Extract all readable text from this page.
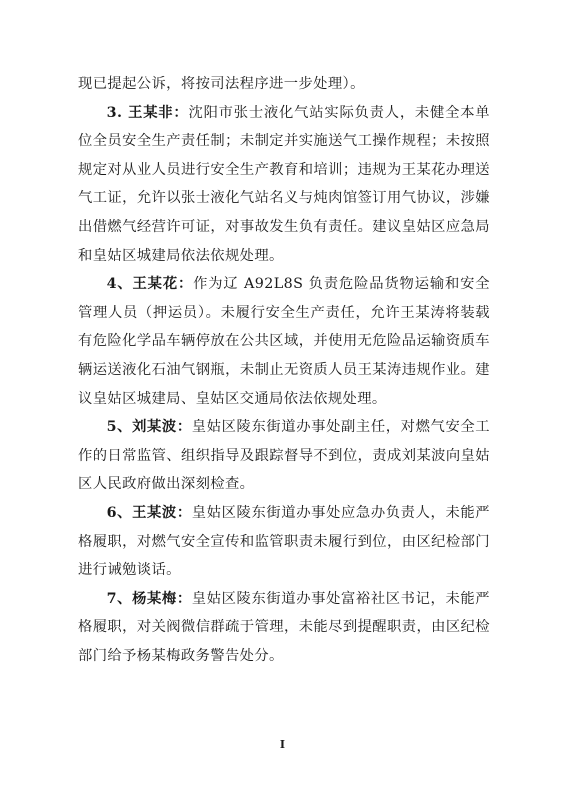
现已提起公诉，将按司法程序进一步处理）。

3. 王某非：沈阳市张士液化气站实际负责人，未健全本单位全员安全生产责任制；未制定并实施送气工操作规程；未按照规定对从业人员进行安全生产教育和培训；违规为王某花办理送气工证，允许以张士液化气站名义与炖肉馆签订用气协议，涉嫌出借燃气经营许可证，对事故发生负有责任。建议皇姑区应急局和皇姑区城建局依法依规处理。

4、王某花：作为辽 A92L8S 负责危险品货物运输和安全管理人员（押运员）。未履行安全生产责任，允许王某涛将装载有危险化学品车辆停放在公共区域，并使用无危险品运输资质车辆运送液化石油气钢瓶，未制止无资质人员王某涛违规作业。建议皇姑区城建局、皇姑区交通局依法依规处理。

5、刘某波：皇姑区陵东街道办事处副主任，对燃气安全工作的日常监管、组织指导及跟踪督导不到位，责成刘某波向皇姑区人民政府做出深刻检查。

6、王某波：皇姑区陵东街道办事处应急办负责人，未能严格履职，对燃气安全宣传和监管职责未履行到位，由区纪检部门进行诫勉谈话。

7、杨某梅：皇姑区陵东街道办事处富裕社区书记，未能严格履职，对关阀微信群疏于管理，未能尽到提醒职责，由区纪检部门给予杨某梅政务警告处分。

I
